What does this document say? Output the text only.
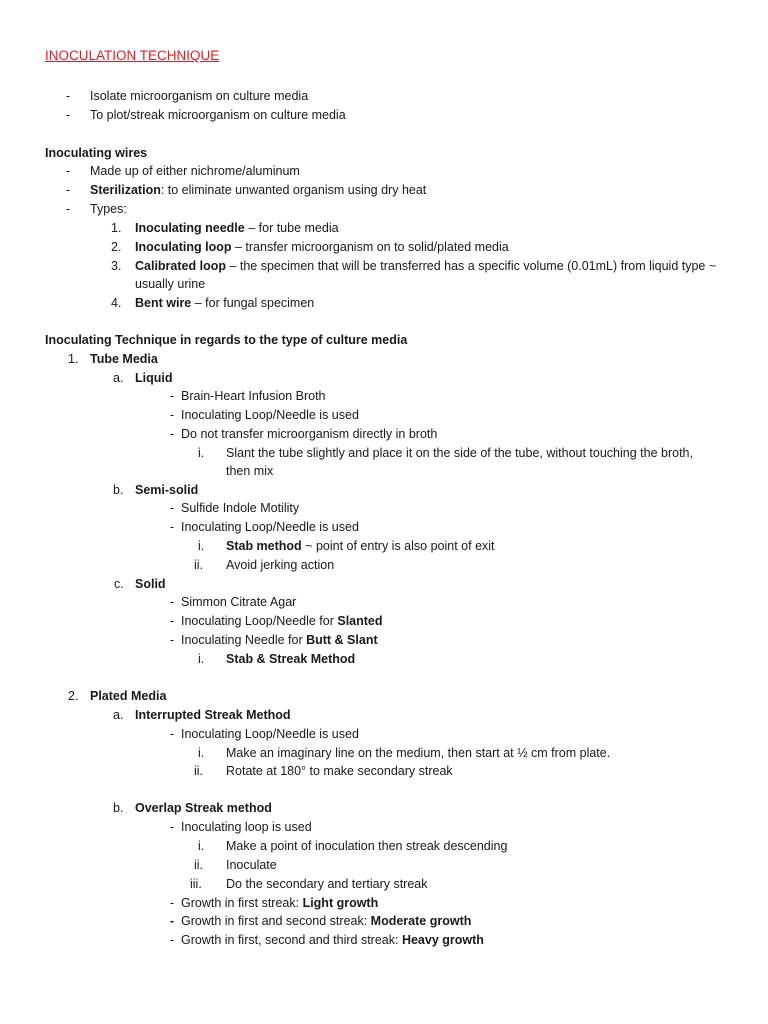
INOCULATION TECHNIQUE
- Isolate microorganism on culture media
- To plot/streak microorganism on culture media
Inoculating wires
- Made up of either nichrome/aluminum
- Sterilization: to eliminate unwanted organism using dry heat
- Types:
1. Inoculating needle – for tube media
2. Inoculating loop – transfer microorganism on to solid/plated media
3. Calibrated loop – the specimen that will be transferred has a specific volume (0.01mL) from liquid type ~
usually urine
4. Bent wire – for fungal specimen
Inoculating Technique in regards to the type of culture media
1. Tube Media
a. Liquid
- Brain-Heart Infusion Broth
- Inoculating Loop/Needle is used
- Do not transfer microorganism directly in broth
i. Slant the tube slightly and place it on the side of the tube, without touching the broth,
then mix
b. Semi-solid
- Sulfide Indole Motility
- Inoculating Loop/Needle is used
i. Stab method ~ point of entry is also point of exit
ii. Avoid jerking action
c. Solid
- Simmon Citrate Agar
- Inoculating Loop/Needle for Slanted
- Inoculating Needle for Butt & Slant
i. Stab & Streak Method
2. Plated Media
a. Interrupted Streak Method
- Inoculating Loop/Needle is used
i. Make an imaginary line on the medium, then start at ½ cm from plate.
ii. Rotate at 180° to make secondary streak
b. Overlap Streak method
- Inoculating loop is used
i. Make a point of inoculation then streak descending
ii. Inoculate
iii. Do the secondary and tertiary streak
- Growth in first streak: Light growth
- Growth in first and second streak: Moderate growth
- Growth in first, second and third streak: Heavy growth
